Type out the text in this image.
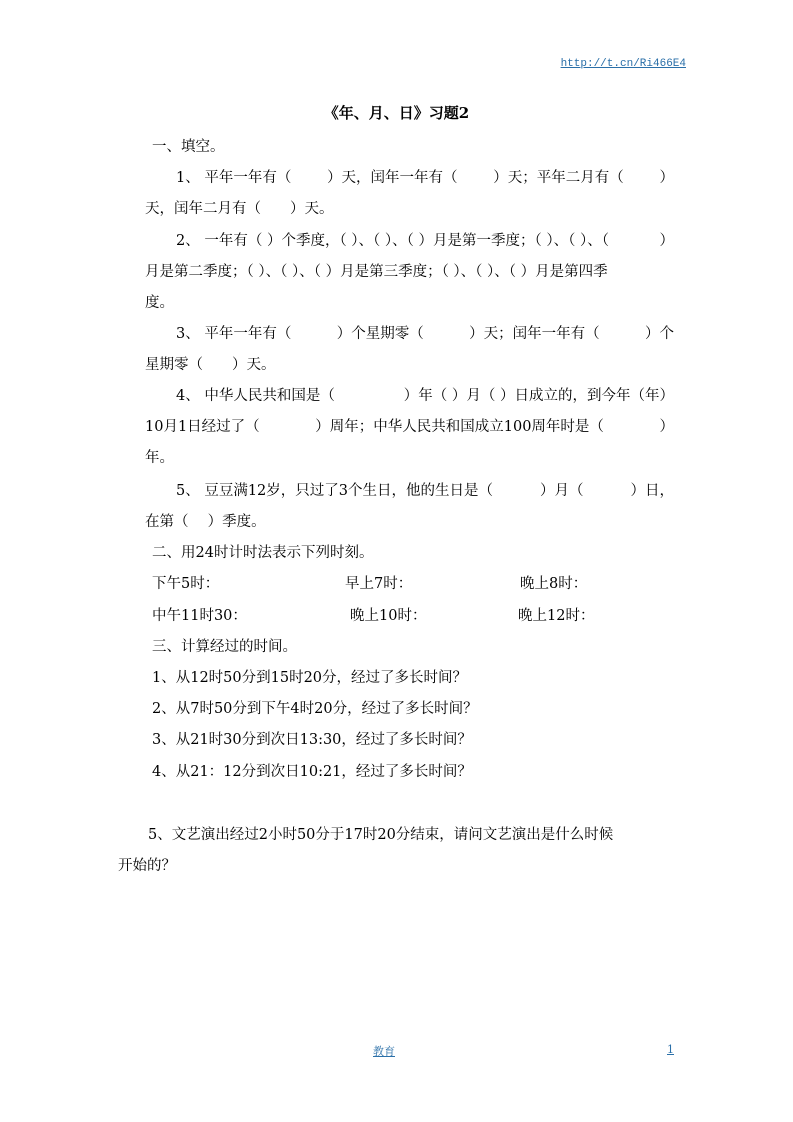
http://t.cn/Ri466E4
《年、月、日》习题2
一、填空。
1、 平年一年有（ ）天，闰年一年有（ ）天；平年二月有（ ）
天，闰年二月有（　　）天。
2、 一年有（ ）个季度，（ ）、（ ）、（ ）月是第一季度；（ ）、（ ）、（	）
月是第二季度；（ ）、（ ）、（ ）月是第三季度；（ ）、（ ）、（ ）月是第四季
度。
3、 平年一年有（	）个星期零（	）天；闰年一年有（	）个
星期零（　　）天。
4、 中华人民共和国是（	）年（ ）月（ ）日成立的，到今年（年）
10月1日经过了（	）周年；中华人民共和国成立100周年时是（	）
年。
5、 豆豆满12岁，只过了3个生日，他的生日是（	）月（	）日，
在第（　 ）季度。
二、用24时计时法表示下列时刻。
下午5时：	早上7时：	晚上8时：
中午11时30：	晚上10时：	晚上12时：
三、计算经过的时间。
1、从12时50分到15时20分，经过了多长时间？
2、从7时50分到下午4时20分，经过了多长时间？
3、从21时30分到次日13:30，经过了多长时间？
4、从21：12分到次日10:21，经过了多长时间？
5、文艺演出经过2小时50分于17时20分结束，请问文艺演出是什么时候
开始的？
教育	1
